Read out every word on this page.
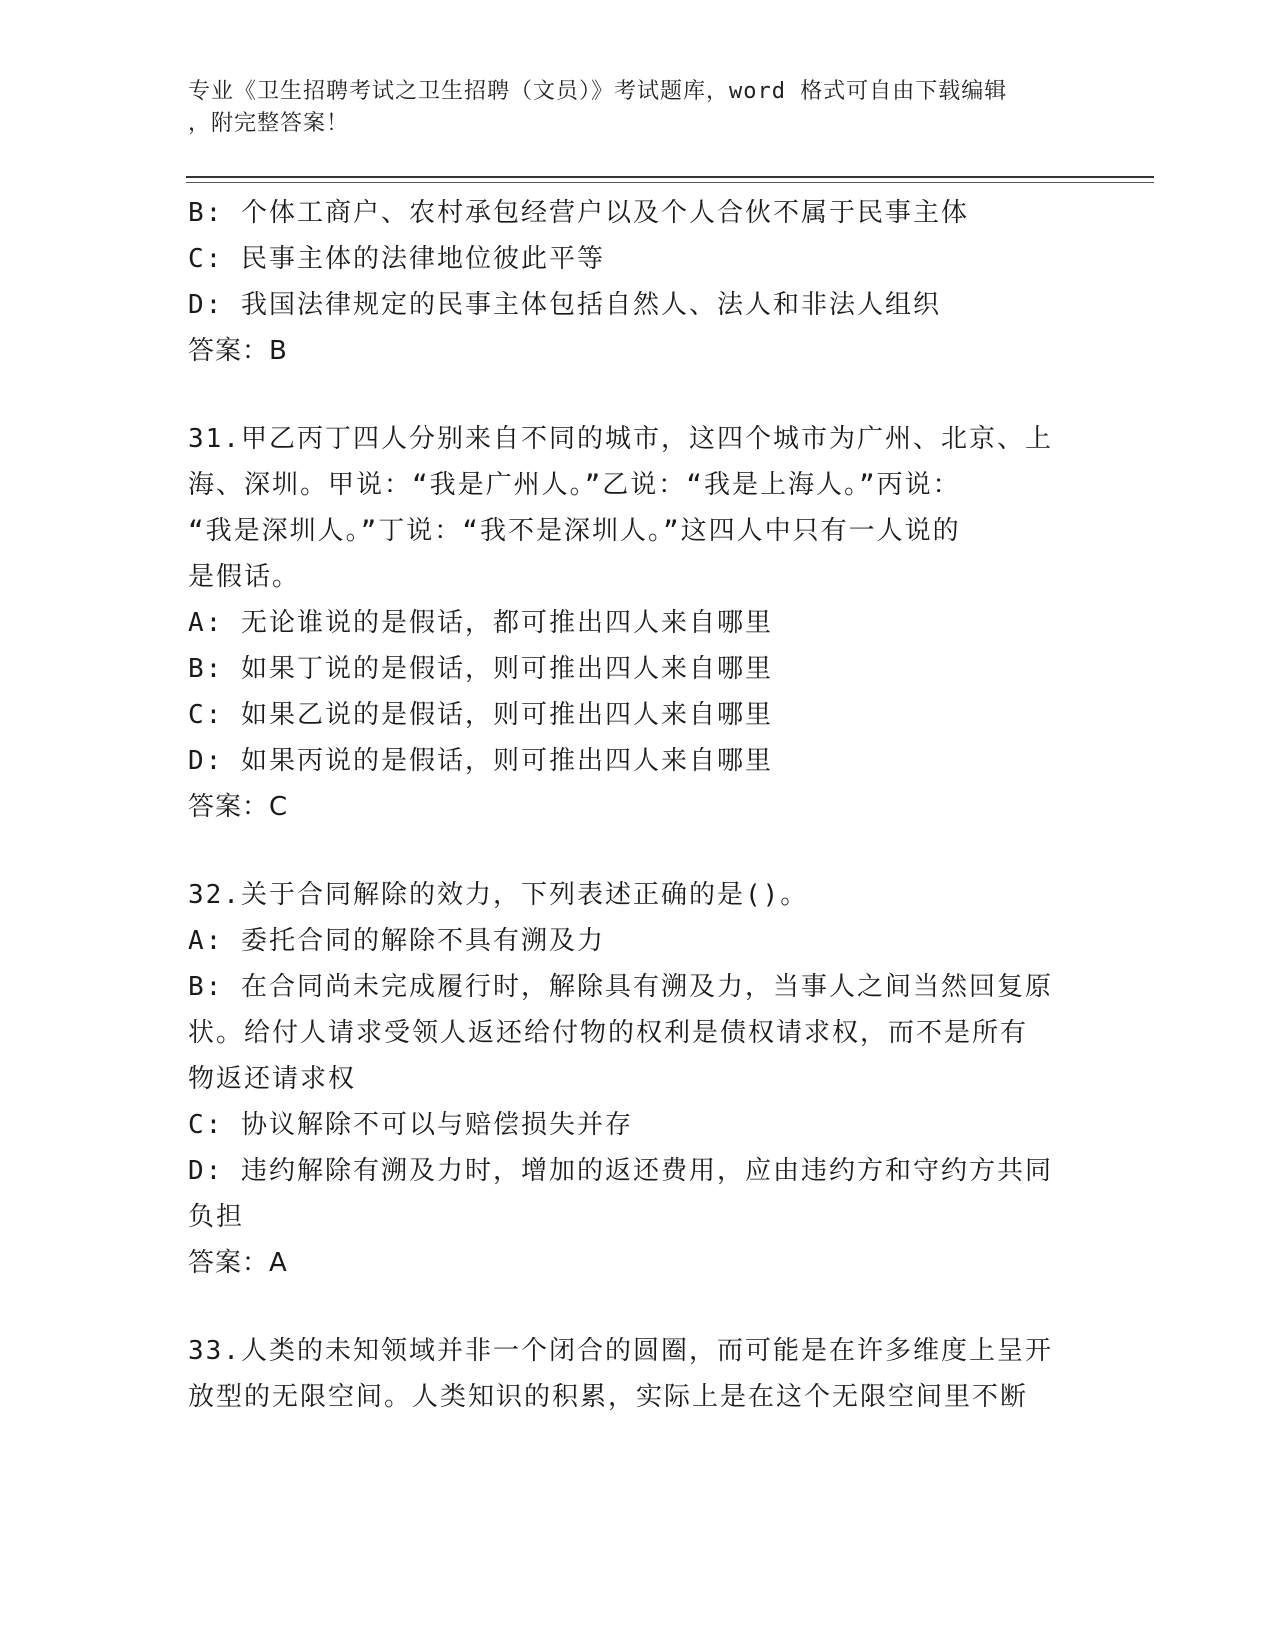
专业《卫生招聘考试之卫生招聘（文员）》考试题库，word 格式可自由下载编辑
，附完整答案！
B: 个体工商户、农村承包经营户以及个人合伙不属于民事主体
C: 民事主体的法律地位彼此平等
D: 我国法律规定的民事主体包括自然人、法人和非法人组织
答案：B
31.甲乙丙丁四人分别来自不同的城市，这四个城市为广州、北京、上
海、深圳。甲说：“我是广州人。”乙说：“我是上海人。”丙说：
“我是深圳人。”丁说：“我不是深圳人。”这四人中只有一人说的
是假话。
A: 无论谁说的是假话，都可推出四人来自哪里
B: 如果丁说的是假话，则可推出四人来自哪里
C: 如果乙说的是假话，则可推出四人来自哪里
D: 如果丙说的是假话，则可推出四人来自哪里
答案：C
32.关于合同解除的效力，下列表述正确的是()。
A: 委托合同的解除不具有溯及力
B: 在合同尚未完成履行时，解除具有溯及力，当事人之间当然回复原
状。给付人请求受领人返还给付物的权利是债权请求权，而不是所有
物返还请求权
C: 协议解除不可以与赔偿损失并存
D: 违约解除有溯及力时，增加的返还费用，应由违约方和守约方共同
负担
答案：A
33.人类的未知领域并非一个闭合的圆圈，而可能是在许多维度上呈开
放型的无限空间。人类知识的积累，实际上是在这个无限空间里不断
